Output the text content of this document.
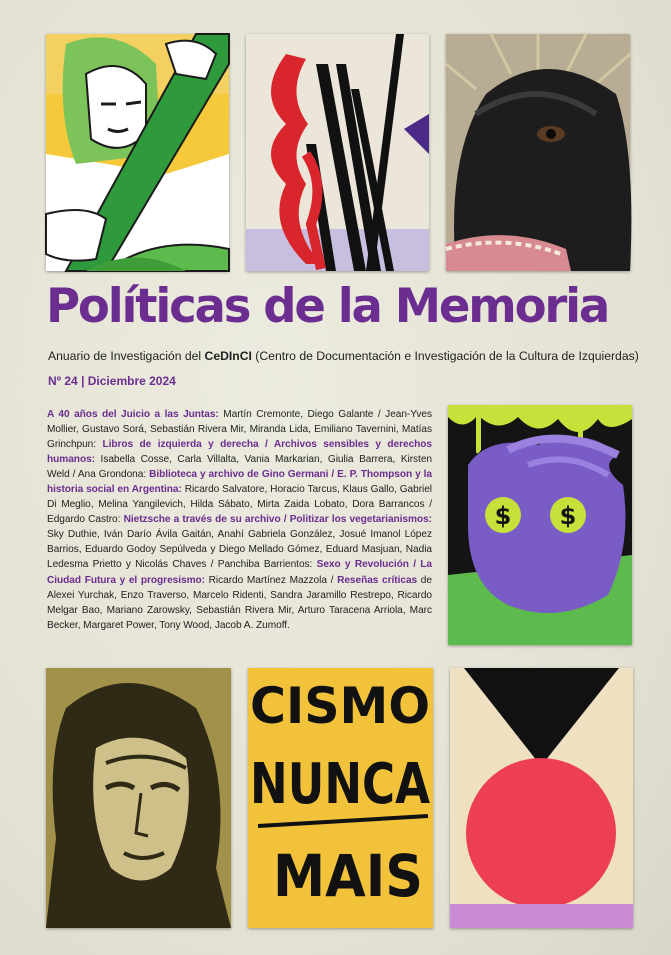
Políticas de la Memoria
Anuario de Investigación del CeDInCI (Centro de Documentación e Investigación de la Cultura de Izquierdas)
Nº 24 | Diciembre 2024

A 40 años del Juicio a las Juntas: Martín Cremonte, Diego Galante / Jean-Yves Mollier, Gustavo Sorá, Sebastián Rivera Mir, Miranda Lida, Emiliano Tavernini, Matías Grinchpun: Libros de izquierda y derecha / Archivos sensibles y derechos humanos: Isabella Cosse, Carla Villalta, Vania Markarian, Giulia Barrera, Kirsten Weld / Ana Grondona: Biblioteca y archivo de Gino Germani / E. P. Thompson y la historia social en Argentina: Ricardo Salvatore, Horacio Tarcus, Klaus Gallo, Gabriel Di Meglio, Melina Yangilevich, Hilda Sábato, Mirta Zaida Lobato, Dora Barrancos / Edgardo Castro: Nietzsche a través de su archivo / Politizar los vegetarianismos: Sky Duthie, Iván Darío Ávila Gaitán, Anahí Gabriela González, Josué Imanol López Barrios, Eduardo Godoy Sepúlveda y Diego Mellado Gómez, Eduard Masjuan, Nadia Ledesma Prietto y Nicolás Chaves / Panchiba Barrientos: Sexo y Revolución / La Ciudad Futura y el progresismo: Ricardo Martínez Mazzola / Reseñas críticas de Alexei Yurchak, Enzo Traverso, Marcelo Ridenti, Sandra Jaramillo Restrepo, Ricardo Melgar Bao, Mariano Zarowsky, Sebastián Rivera Mir, Arturo Taracena Arriola, Marc Becker, Margaret Power, Tony Wood, Jacob A. Zumoff.

$ $
CISMO
NUNCA
MAIS
